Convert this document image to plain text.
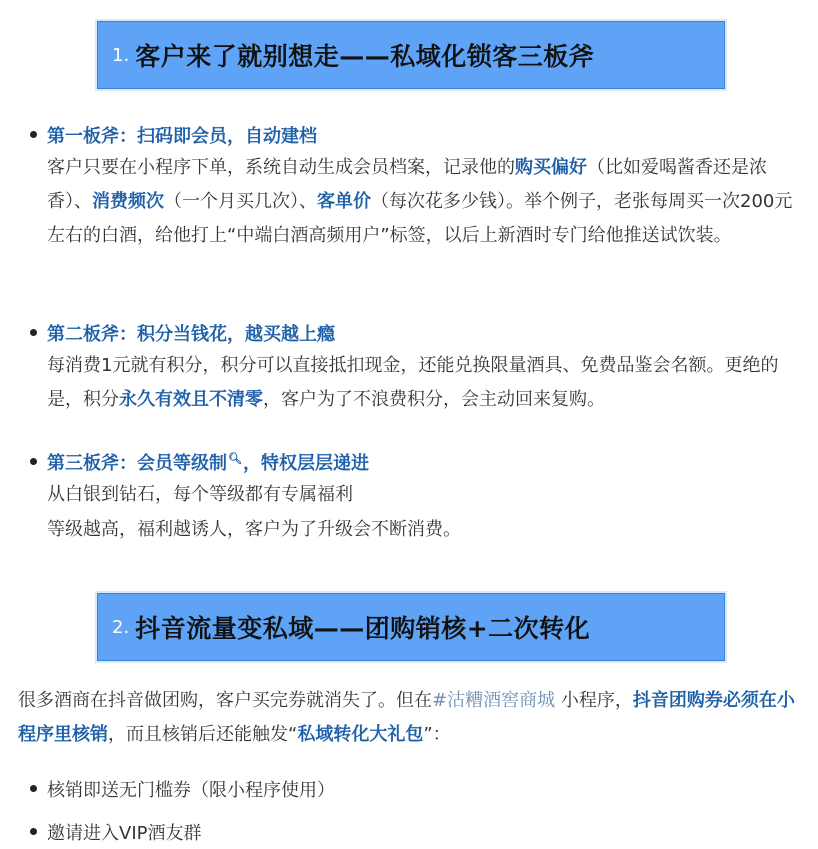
1. 客户来了就别想走——私域化锁客三板斧
第一板斧：扫码即会员，自动建档
客户只要在小程序下单，系统自动生成会员档案，记录他的购买偏好（比如爱喝酱香还是浓香）、消费频次（一个月买几次）、客单价（每次花多少钱）。举个例子，老张每周买一次200元左右的白酒，给他打上“中端白酒高频用户”标签，以后上新酒时专门给他推送试饮装。
第二板斧：积分当钱花，越买越上瘾
每消费1元就有积分，积分可以直接抵扣现金，还能兑换限量酒具、免费品鉴会名额。更绝的是，积分永久有效且不清零，客户为了不浪费积分，会主动回来复购。
第三板斧：会员等级制🔍︎，特权层层递进
从白银到钻石，每个等级都有专属福利
等级越高，福利越诱人，客户为了升级会不断消费。
2. 抖音流量变私域——团购销核+二次转化
很多酒商在抖音做团购，客户买完券就消失了。但在#沽糟酒窖商城 小程序，抖音团购券必须在小程序里核销，而且核销后还能触发“私域转化大礼包”：
核销即送无门槛券（限小程序使用）
邀请进入VIP酒友群
